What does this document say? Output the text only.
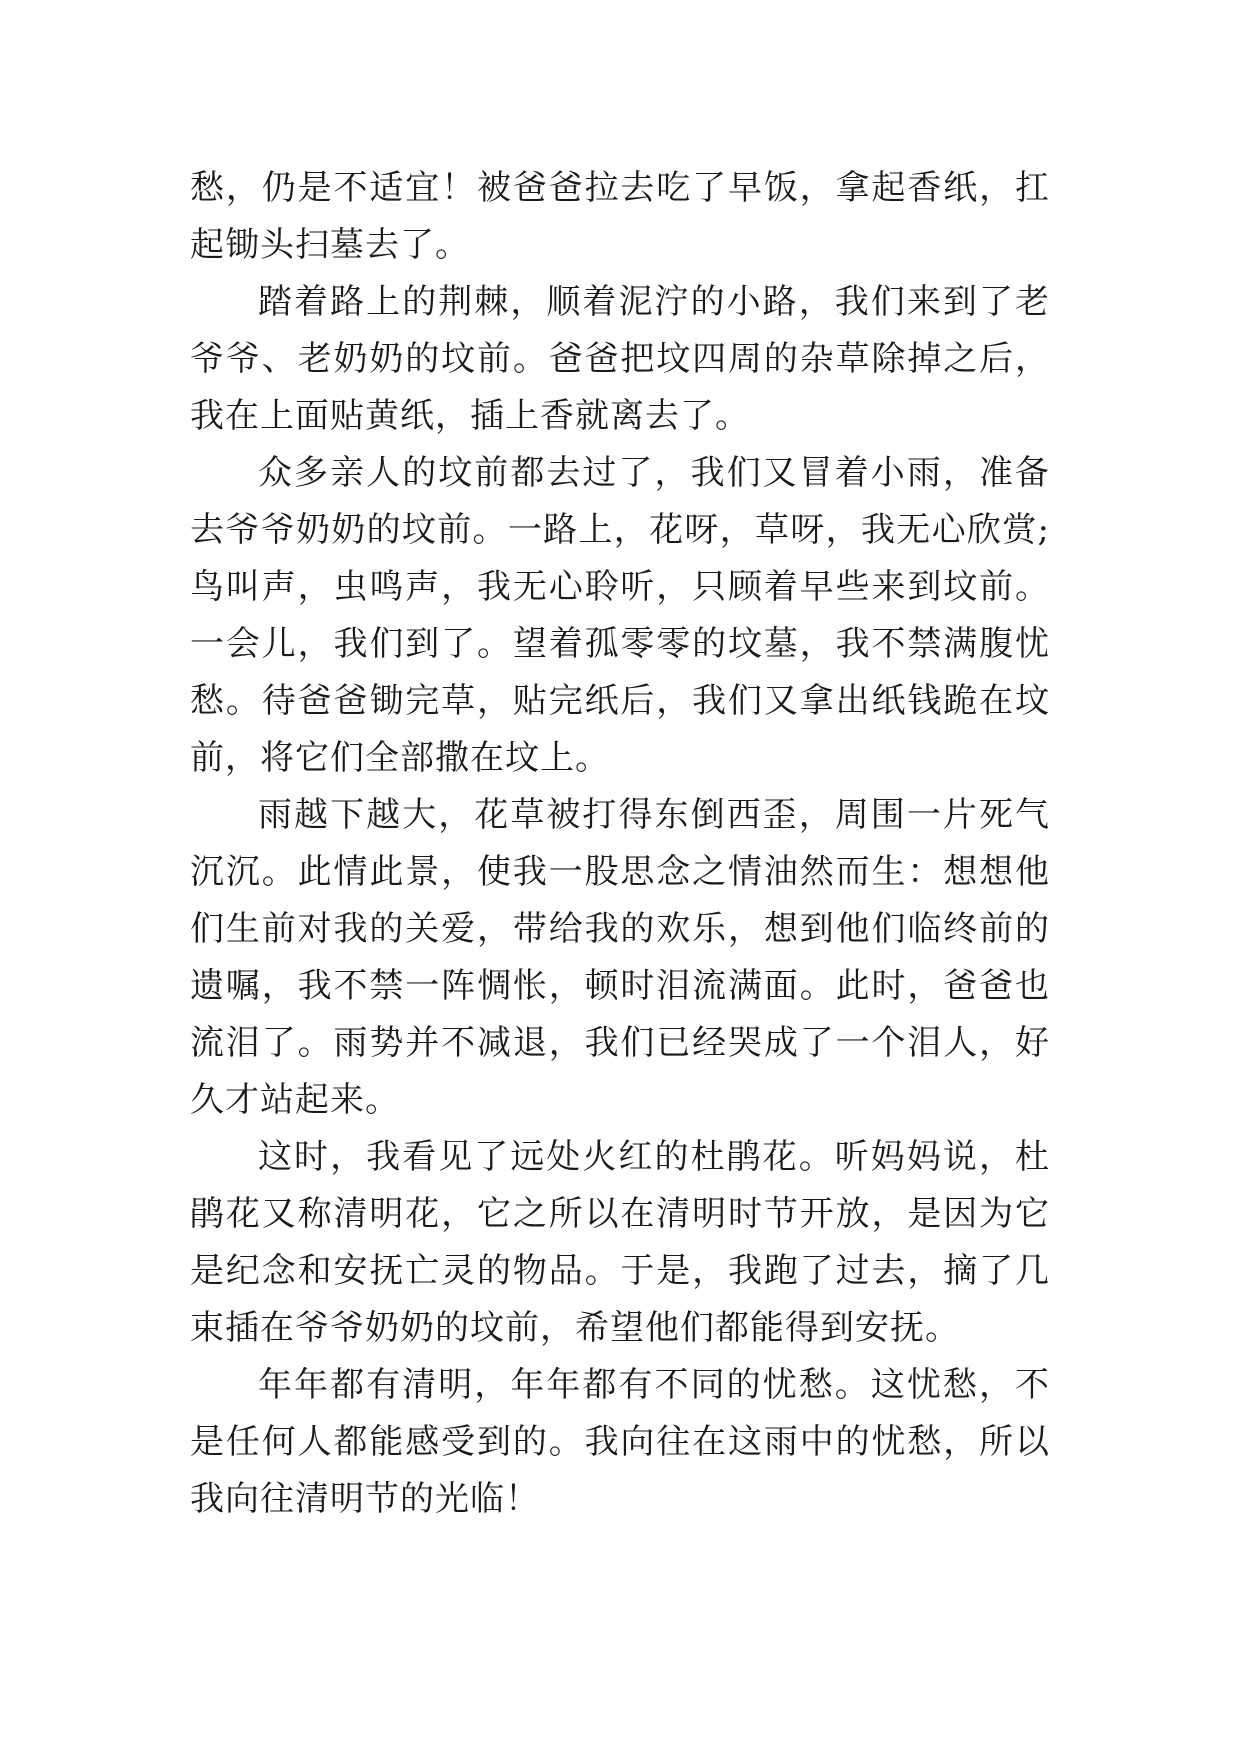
愁，仍是不适宜！被爸爸拉去吃了早饭，拿起香纸，扛起锄头扫墓去了。

踏着路上的荆棘，顺着泥泞的小路，我们来到了老爷爷、老奶奶的坟前。爸爸把坟四周的杂草除掉之后，我在上面贴黄纸，插上香就离去了。

众多亲人的坟前都去过了，我们又冒着小雨，准备去爷爷奶奶的坟前。一路上，花呀，草呀，我无心欣赏;鸟叫声，虫鸣声，我无心聆听，只顾着早些来到坟前。一会儿，我们到了。望着孤零零的坟墓，我不禁满腹忧愁。待爸爸锄完草，贴完纸后，我们又拿出纸钱跪在坟前，将它们全部撒在坟上。

雨越下越大，花草被打得东倒西歪，周围一片死气沉沉。此情此景，使我一股思念之情油然而生：想想他们生前对我的关爱，带给我的欢乐，想到他们临终前的遗嘱，我不禁一阵惆怅，顿时泪流满面。此时，爸爸也流泪了。雨势并不减退，我们已经哭成了一个泪人，好久才站起来。

这时，我看见了远处火红的杜鹃花。听妈妈说，杜鹃花又称清明花，它之所以在清明时节开放，是因为它是纪念和安抚亡灵的物品。于是，我跑了过去，摘了几束插在爷爷奶奶的坟前，希望他们都能得到安抚。

年年都有清明，年年都有不同的忧愁。这忧愁，不是任何人都能感受到的。我向往在这雨中的忧愁，所以我向往清明节的光临！
